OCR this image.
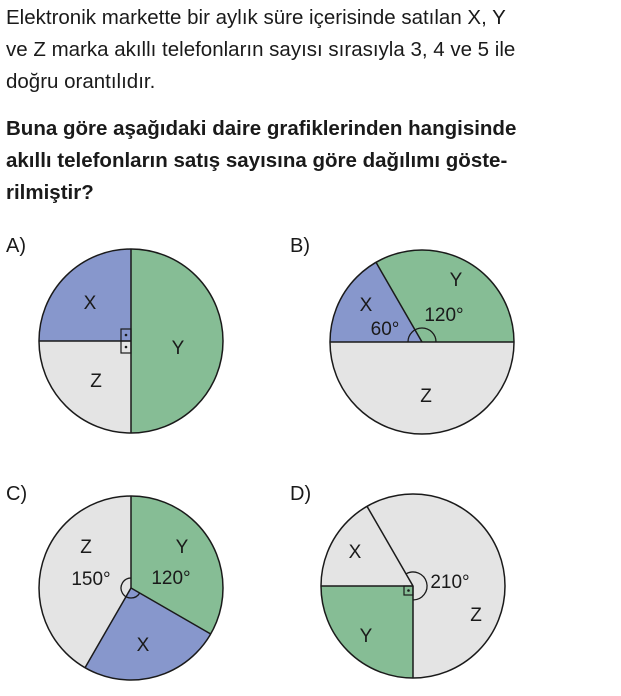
Elektronik markette bir aylık süre içerisinde satılan X, Y
ve Z marka akıllı telefonların sayısı sırasıyla 3, 4 ve 5 ile
doğru orantılıdır.
Buna göre aşağıdaki daire grafiklerinden hangisinde
akıllı telefonların satış sayısına göre dağılımı göste-
rilmiştir?
A)	B)
C)	D)
X
Y
Z
X
Y
Z
60°
120°
Z	Y
X
150° 120°
X
Y
Z
210°
